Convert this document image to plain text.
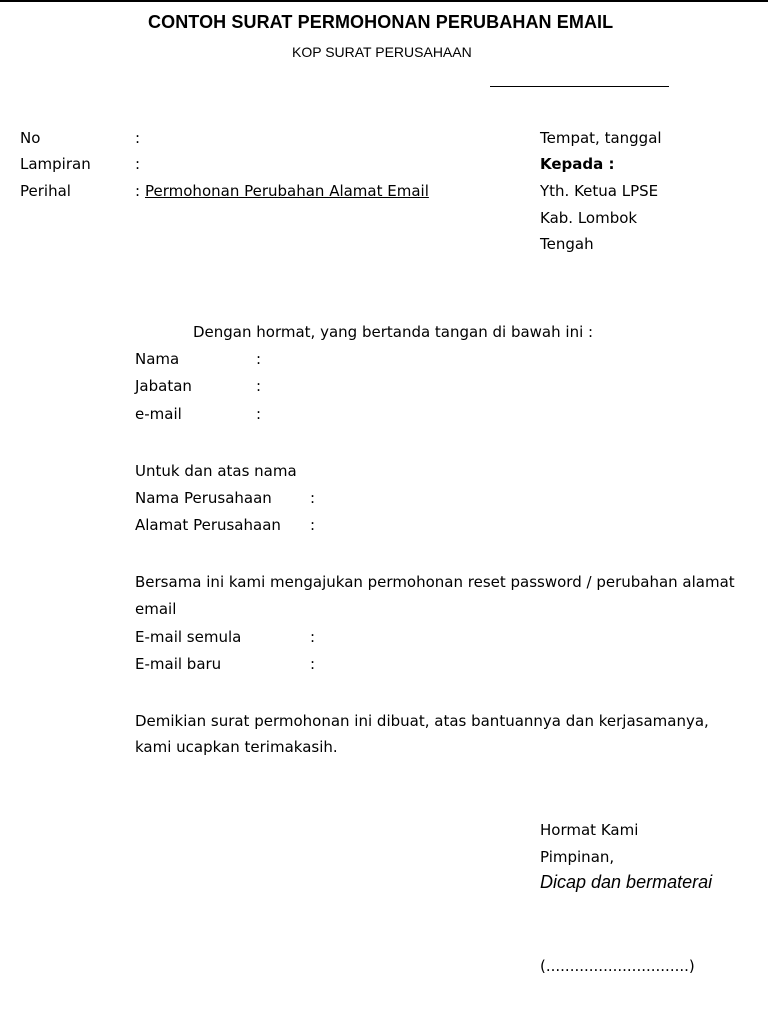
CONTOH SURAT PERMOHONAN PERUBAHAN EMAIL
KOP SURAT PERUSAHAAN
No	:
Lampiran	:
Perihal	: Permohonan Perubahan Alamat Email
Tempat, tanggal
Kepada :
Yth. Ketua LPSE
Kab. Lombok
Tengah
Dengan hormat, yang bertanda tangan di bawah ini :
Nama	:
Jabatan	:
e-mail	:
Untuk dan atas nama
Nama Perusahaan	:
Alamat Perusahaan :
Bersama ini kami mengajukan permohonan reset password / perubahan alamat
email
E-mail semula	:
E-mail baru	:
Demikian surat permohonan ini dibuat, atas bantuannya dan kerjasamanya,
kami ucapkan terimakasih.
Hormat Kami
Pimpinan,
Dicap dan bermaterai
(..............................)
